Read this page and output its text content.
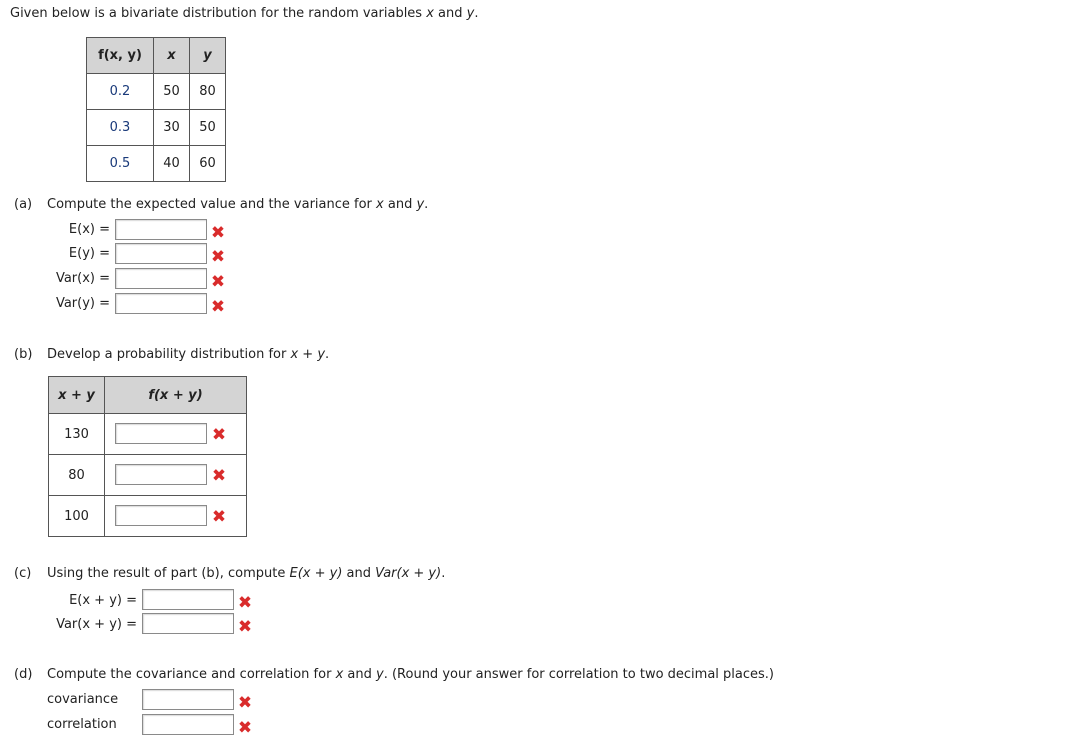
Given below is a bivariate distribution for the random variables x and y.
f(x, y)	x	y
0.2	50	80
0.3	30	50
0.5	40	60
(a) Compute the expected value and the variance for x and y.
E(x) =	✖
E(y) =	✖
Var(x) =	✖
Var(y) =	✖
(b) Develop a probability distribution for x + y.
x + y	f(x + y)
130	✖

80	✖

100	✖
(c) Using the result of part (b), compute E(x + y) and Var(x + y).
E(x + y) =	✖
Var(x + y) =	✖
(d) Compute the covariance and correlation for x and y. (Round your answer for correlation to two decimal places.)
covariance	✖
correlation	✖
